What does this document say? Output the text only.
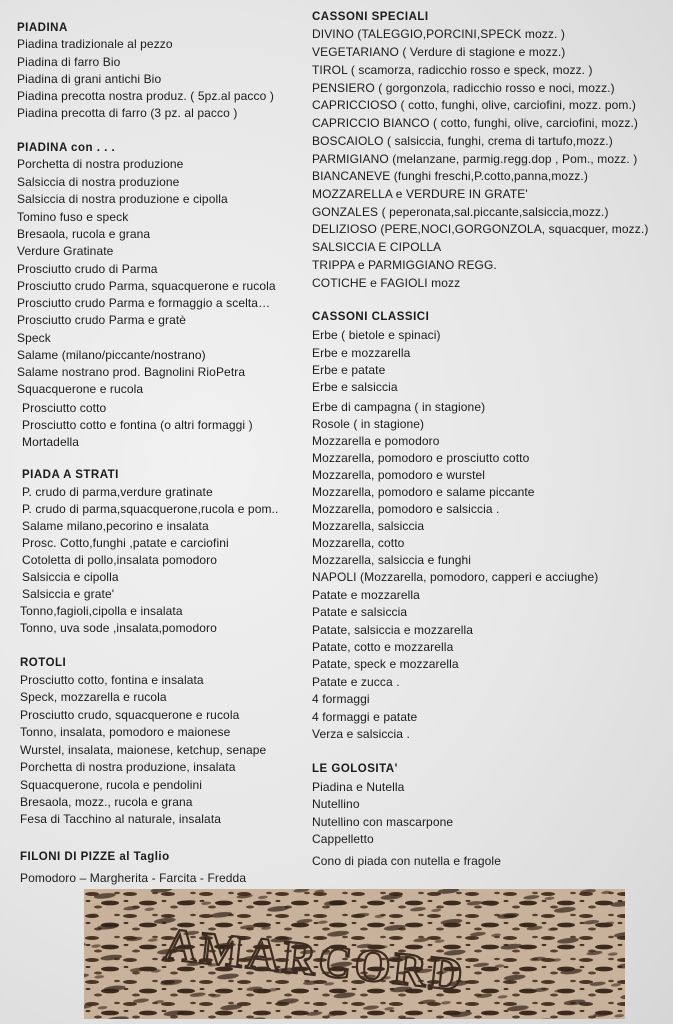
PIADINA
Piadina tradizionale al pezzo
Piadina di farro Bio
Piadina di grani antichi Bio
Piadina precotta nostra produz. ( 5pz.al pacco )
Piadina precotta di farro (3 pz. al pacco )
PIADINA con . . .
Porchetta di nostra produzione
Salsiccia di nostra produzione
Salsiccia di nostra produzione e cipolla
Tomino fuso e speck
Bresaola, rucola e grana
Verdure Gratinate
Prosciutto crudo di Parma
Prosciutto crudo Parma, squacquerone e rucola
Prosciutto crudo Parma e formaggio a scelta…
Prosciutto crudo Parma e gratè
Speck
Salame (milano/piccante/nostrano)
Salame nostrano prod. Bagnolini RioPetra
Squacquerone e rucola
Prosciutto cotto
Prosciutto cotto e fontina (o altri formaggi )
Mortadella
PIADA A STRATI
P. crudo di parma,verdure gratinate
P. crudo di parma,squacquerone,rucola e pom..
Salame milano,pecorino e insalata
Prosc. Cotto,funghi ,patate e carciofini
Cotoletta di pollo,insalata pomodoro
Salsiccia e cipolla
Salsiccia e grate'
Tonno,fagioli,cipolla e insalata
Tonno, uva sode ,insalata,pomodoro
ROTOLI
Prosciutto cotto, fontina e insalata
Speck, mozzarella e rucola
Prosciutto crudo, squacquerone e rucola
Tonno, insalata, pomodoro e maionese
Wurstel, insalata, maionese, ketchup, senape
Porchetta di nostra produzione, insalata
Squacquerone, rucola e pendolini
Bresaola, mozz., rucola e grana
Fesa di Tacchino al naturale, insalata
FILONI DI PIZZE al Taglio
Pomodoro – Margherita - Farcita - Fredda
CASSONI SPECIALI
DIVINO (TALEGGIO,PORCINI,SPECK mozz. )
VEGETARIANO ( Verdure di stagione e mozz.)
TIROL ( scamorza, radicchio rosso e speck, mozz. )
PENSIERO ( gorgonzola, radicchio rosso e noci, mozz.)
CAPRICCIOSO ( cotto, funghi, olive, carciofini, mozz. pom.)
CAPRICCIO BIANCO ( cotto, funghi, olive, carciofini, mozz.)
BOSCAIOLO ( salsiccia, funghi, crema di tartufo,mozz.)
PARMIGIANO (melanzane, parmig.regg.dop , Pom., mozz. )
BIANCANEVE (funghi freschi,P.cotto,panna,mozz.)
MOZZARELLA e VERDURE IN GRATE'
GONZALES ( peperonata,sal.piccante,salsiccia,mozz.)
DELIZIOSO (PERE,NOCI,GORGONZOLA, squacquer, mozz.)
SALSICCIA E CIPOLLA
TRIPPA e PARMIGGIANO REGG.
COTICHE e FAGIOLI mozz
CASSONI CLASSICI
Erbe ( bietole e spinaci)
Erbe e mozzarella
Erbe e patate
Erbe e salsiccia
Erbe di campagna ( in stagione)
Rosole ( in stagione)
Mozzarella e pomodoro
Mozzarella, pomodoro e prosciutto cotto
Mozzarella, pomodoro e wurstel
Mozzarella, pomodoro e salame piccante
Mozzarella, pomodoro e salsiccia .
Mozzarella, salsiccia
Mozzarella, cotto
Mozzarella, salsiccia e funghi
NAPOLI (Mozzarella, pomodoro, capperi e acciughe)
Patate e mozzarella
Patate e salsiccia
Patate, salsiccia e mozzarella
Patate, cotto e mozzarella
Patate, speck e mozzarella
Patate e zucca .
4 formaggi
4 formaggi e patate
Verza e salsiccia .
LE GOLOSITA'
Piadina e Nutella
Nutellino
Nutellino con mascarpone
Cappelletto
Cono di piada con nutella e fragole
AMARCORD
